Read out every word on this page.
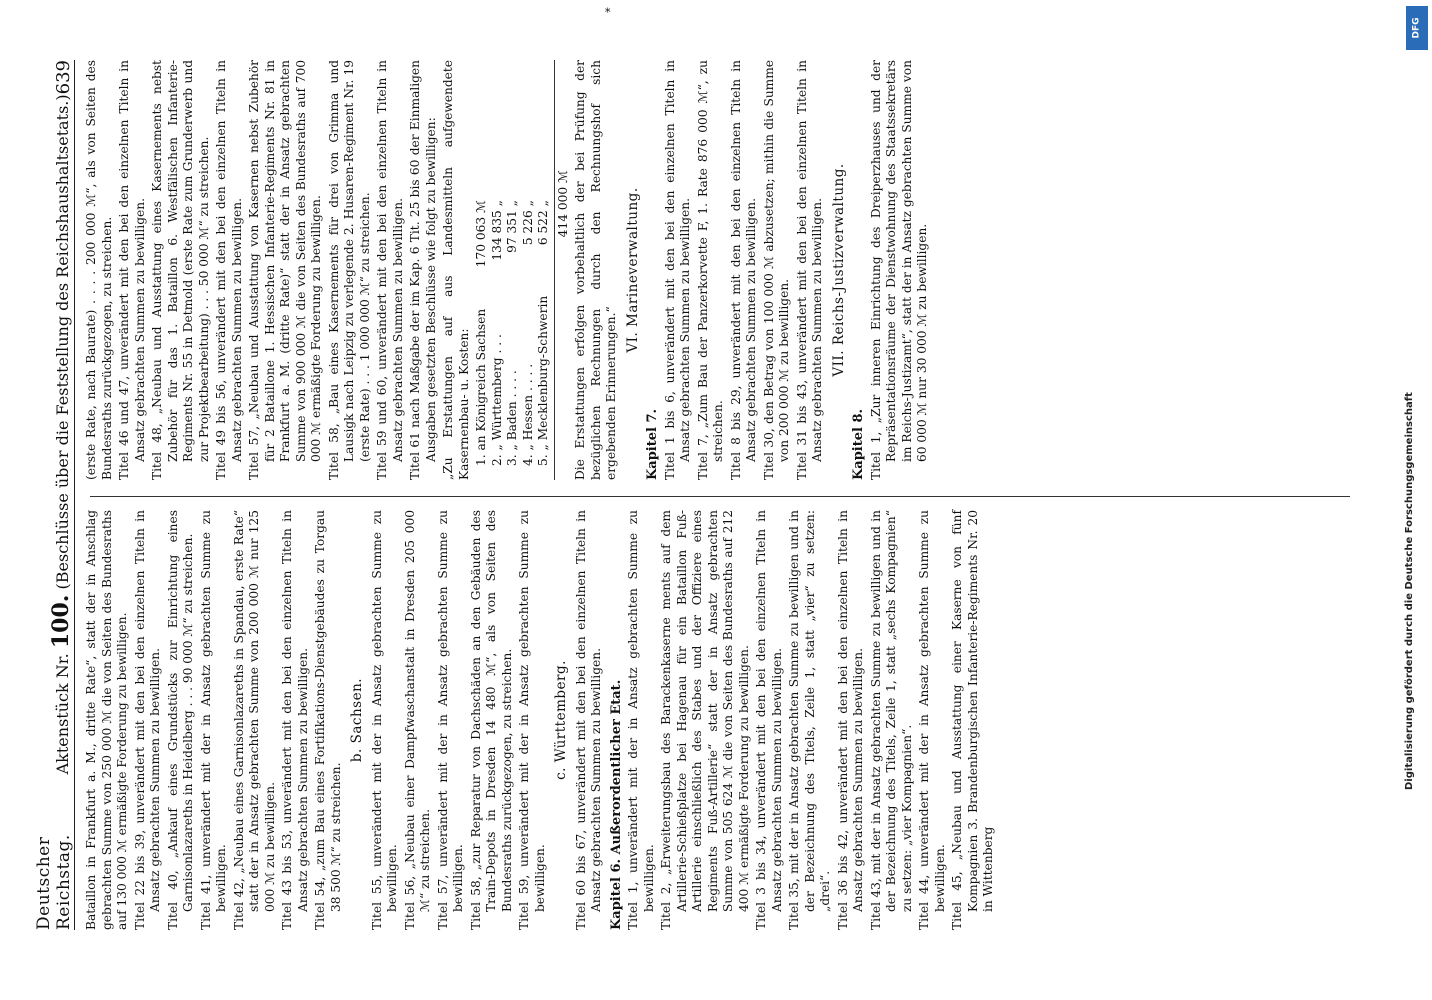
*
Deutscher Reichstag.
Aktenstück Nr. 100. (Beschlüsse über die Feststellung des Reichshaushaltsetats.)
639

Bataillon in Frankfurt a. M., dritte Rate“, statt der in Anschlag gebrachten Summe von 250 000 ℳ die von Seiten des Bundesraths auf 130 000 ℳ ermäßigte Forderung zu bewilligen. Titel 22 bis 39, unverändert mit den bei den einzelnen Titeln in Ansatz gebrachten Summen zu bewilligen. Titel 40, „Ankauf eines Grundstücks zur Einrichtung eines Garnisonlazareths in Heidelberg . . . 90 000 ℳ“ zu streichen. Titel 41, unverändert mit der in Ansatz gebrachten Summe zu bewilligen. Titel 42, „Neubau eines Garnisonlazareths in Spandau, erste Rate“ statt der in Ansatz gebrachten Summe von 200 000 ℳ nur 125 000 ℳ zu bewilligen. Titel 43 bis 53, unverändert mit den bei den einzelnen Titeln in Ansatz gebrachten Summen zu bewilligen. Titel 54, „zum Bau eines Fortifikations-Dienstgebäudes zu Torgau 38 500 ℳ“ zu streichen.

b. Sachsen. Titel 55, unverändert mit der in Ansatz gebrachten Summe zu bewilligen. Titel 56, „Neubau einer Dampfwaschanstalt in Dresden 205 000 ℳ“ zu streichen. Titel 57, unverändert mit der in Ansatz gebrachten Summe zu bewilligen. Titel 58, „zur Reparatur von Dachschäden an den Gebäuden des Train-Depots in Dresden 14 480 ℳ“, als von Seiten des Bundesraths zurückgezogen, zu streichen. Titel 59, unverändert mit der in Ansatz gebrachten Summe zu bewilligen.

c. Württemberg. Titel 60 bis 67, unverändert mit den bei den einzelnen Titeln in Ansatz gebrachten Summen zu bewilligen. Kapitel 6. Außerordentlicher Etat. Titel 1, unverändert mit der in Ansatz gebrachten Summe zu bewilligen. Titel 2, „Erweiterungsbau des Barackenkaserne ments auf dem Artillerie-Schießplatze bei Hagenau für ein Bataillon Fuß-Artillerie einschließlich des Stabes und der Offiziere eines Regiments Fuß-Artillerie“ statt der in Ansatz gebrachten Summe von 505 624 ℳ die von Seiten des Bundesraths auf 212 400 ℳ ermäßigte Forderung zu bewilligen. Titel 3 bis 34, unverändert mit den bei den einzelnen Titeln in Ansatz gebrachten Summen zu bewilligen. Titel 35, mit der in Ansatz gebrachten Summe zu bewilligen und in der Bezeichnung des Titels, Zeile 1, statt „vier“ zu setzen: „drei“. Titel 36 bis 42, unverändert mit den bei den einzelnen Titeln in Ansatz gebrachten Summen zu bewilligen. Titel 43, mit der in Ansatz gebrachten Summe zu bewilligen und in der Bezeichnung des Titels, Zeile 1, statt „sechs Kompagnien“ zu setzen: „vier Kompagnien“. Titel 44, unverändert mit der in Ansatz gebrachten Summe zu bewilligen. Titel 45, „Neubau und Ausstattung einer Kaserne von fünf Kompagnien 3. Brandenburgischen Infanterie-Regiments Nr. 20 in Wittenberg

(erste Rate, nach Baurate) . . . . 200 000 ℳ“, als von Seiten des Bundesraths zurückgezogen, zu streichen. Titel 46 und 47, unverändert mit den bei den einzelnen Titeln in Ansatz gebrachten Summen zu bewilligen. Titel 48, „Neubau und Ausstattung eines Kasernements nebst Zubehör für das 1. Bataillon 6. Westfälischen Infanterie-Regiments Nr. 55 in Detmold (erste Rate zum Grunderwerb und zur Projektbearbeitung) . . . 50 000 ℳ“ zu streichen. Titel 49 bis 56, unverändert mit den bei den einzelnen Titeln in Ansatz gebrachten Summen zu bewilligen. Titel 57, „Neubau und Ausstattung von Kasernen nebst Zubehör für 2 Bataillone 1. Hessischen Infanterie-Regiments Nr. 81 in Frankfurt a. M. (dritte Rate)“ statt der in Ansatz gebrachten Summe von 900 000 ℳ die von Seiten des Bundesraths auf 700 000 ℳ ermäßigte Forderung zu bewilligen. Titel 58, „Bau eines Kasernements für drei von Grimma und Lausigk nach Leipzig zu verlegende 2. Husaren-Regiment Nr. 19 (erste Rate) . . . 1 000 000 ℳ“ zu streichen. Titel 59 und 60, unverändert mit den bei den einzelnen Titeln in Ansatz gebrachten Summen zu bewilligen. Titel 61 nach Maßgabe der im Kap. 6 Tit. 25 bis 60 der Einmaligen Ausgaben gesetzten Beschlüsse wie folgt zu bewilligen: „Zu Erstattungen auf aus Landesmitteln aufgewendete Kasernenbau- u. Kosten: 1. an Königreich Sachsen
170 063 ℳ
2. „ Württemberg . . .
134 835 „
3. „ Baden . . . .
97 351 „
4. „ Hessen . . . .
5 226 „
5. „ Mecklenburg-Schwerin
6 522 „ 414 000 ℳ Die Erstattungen erfolgen vorbehaltlich der bei Prüfung der bezüglichen Rechnungen durch den Rechnungshof sich ergebenden Erinnerungen.“

VI. Marineverwaltung.

Kapitel 7. Titel 1 bis 6, unverändert mit den bei den einzelnen Titeln in Ansatz gebrachten Summen zu bewilligen. Titel 7, „Zum Bau der Panzerkorvette F, 1. Rate 876 000 ℳ“, zu streichen. Titel 8 bis 29, unverändert mit den bei den einzelnen Titeln in Ansatz gebrachten Summen zu bewilligen. Titel 30, den Betrag von 100 000 ℳ abzusetzen; mithin die Summe von 200 000 ℳ zu bewilligen. Titel 31 bis 43, unverändert mit den bei den einzelnen Titeln in Ansatz gebrachten Summen zu bewilligen. VII. Reichs-Justizverwaltung.

Kapitel 8. Titel 1, „Zur inneren Einrichtung des Dreiperzhauses und der Repräsentationsräume der Dienstwohnung des Staatssekretärs im Reichs-Justizamt“, statt der in Ansatz gebrachten Summe von 60 000 ℳ nur 30 000 ℳ zu bewilligen.

DFG
Digitalisierung gefördert durch die Deutsche Forschungsgemeinschaft
